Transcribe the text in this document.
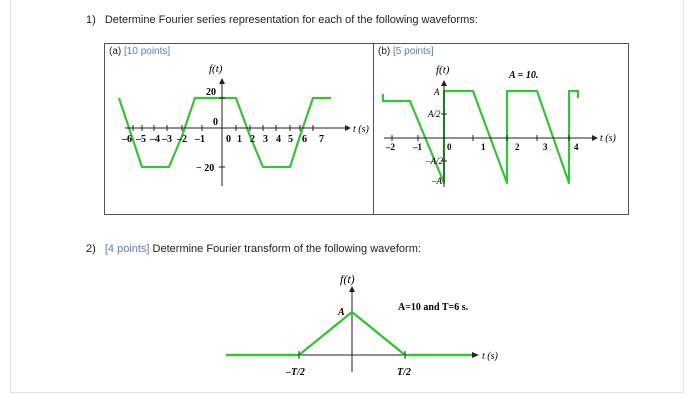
1) Determine Fourier series representation for each of the following waveforms:
(a) [10 points]
f(t)
20
− 20
0
t (s)
–6 –5 –4 –3 –2 –1 0 1 2 3 4 5 6 7
(b) [5 points]
f(t)	A = 10.
A
A/2
–A/2
–A
0
t (s)
–2 –1	1	2	3	4
2) [4 points] Determine Fourier transform of the following waveform:
f(t)
A	A=10 and T=6 s.
–T/2	T/2
t (s)
